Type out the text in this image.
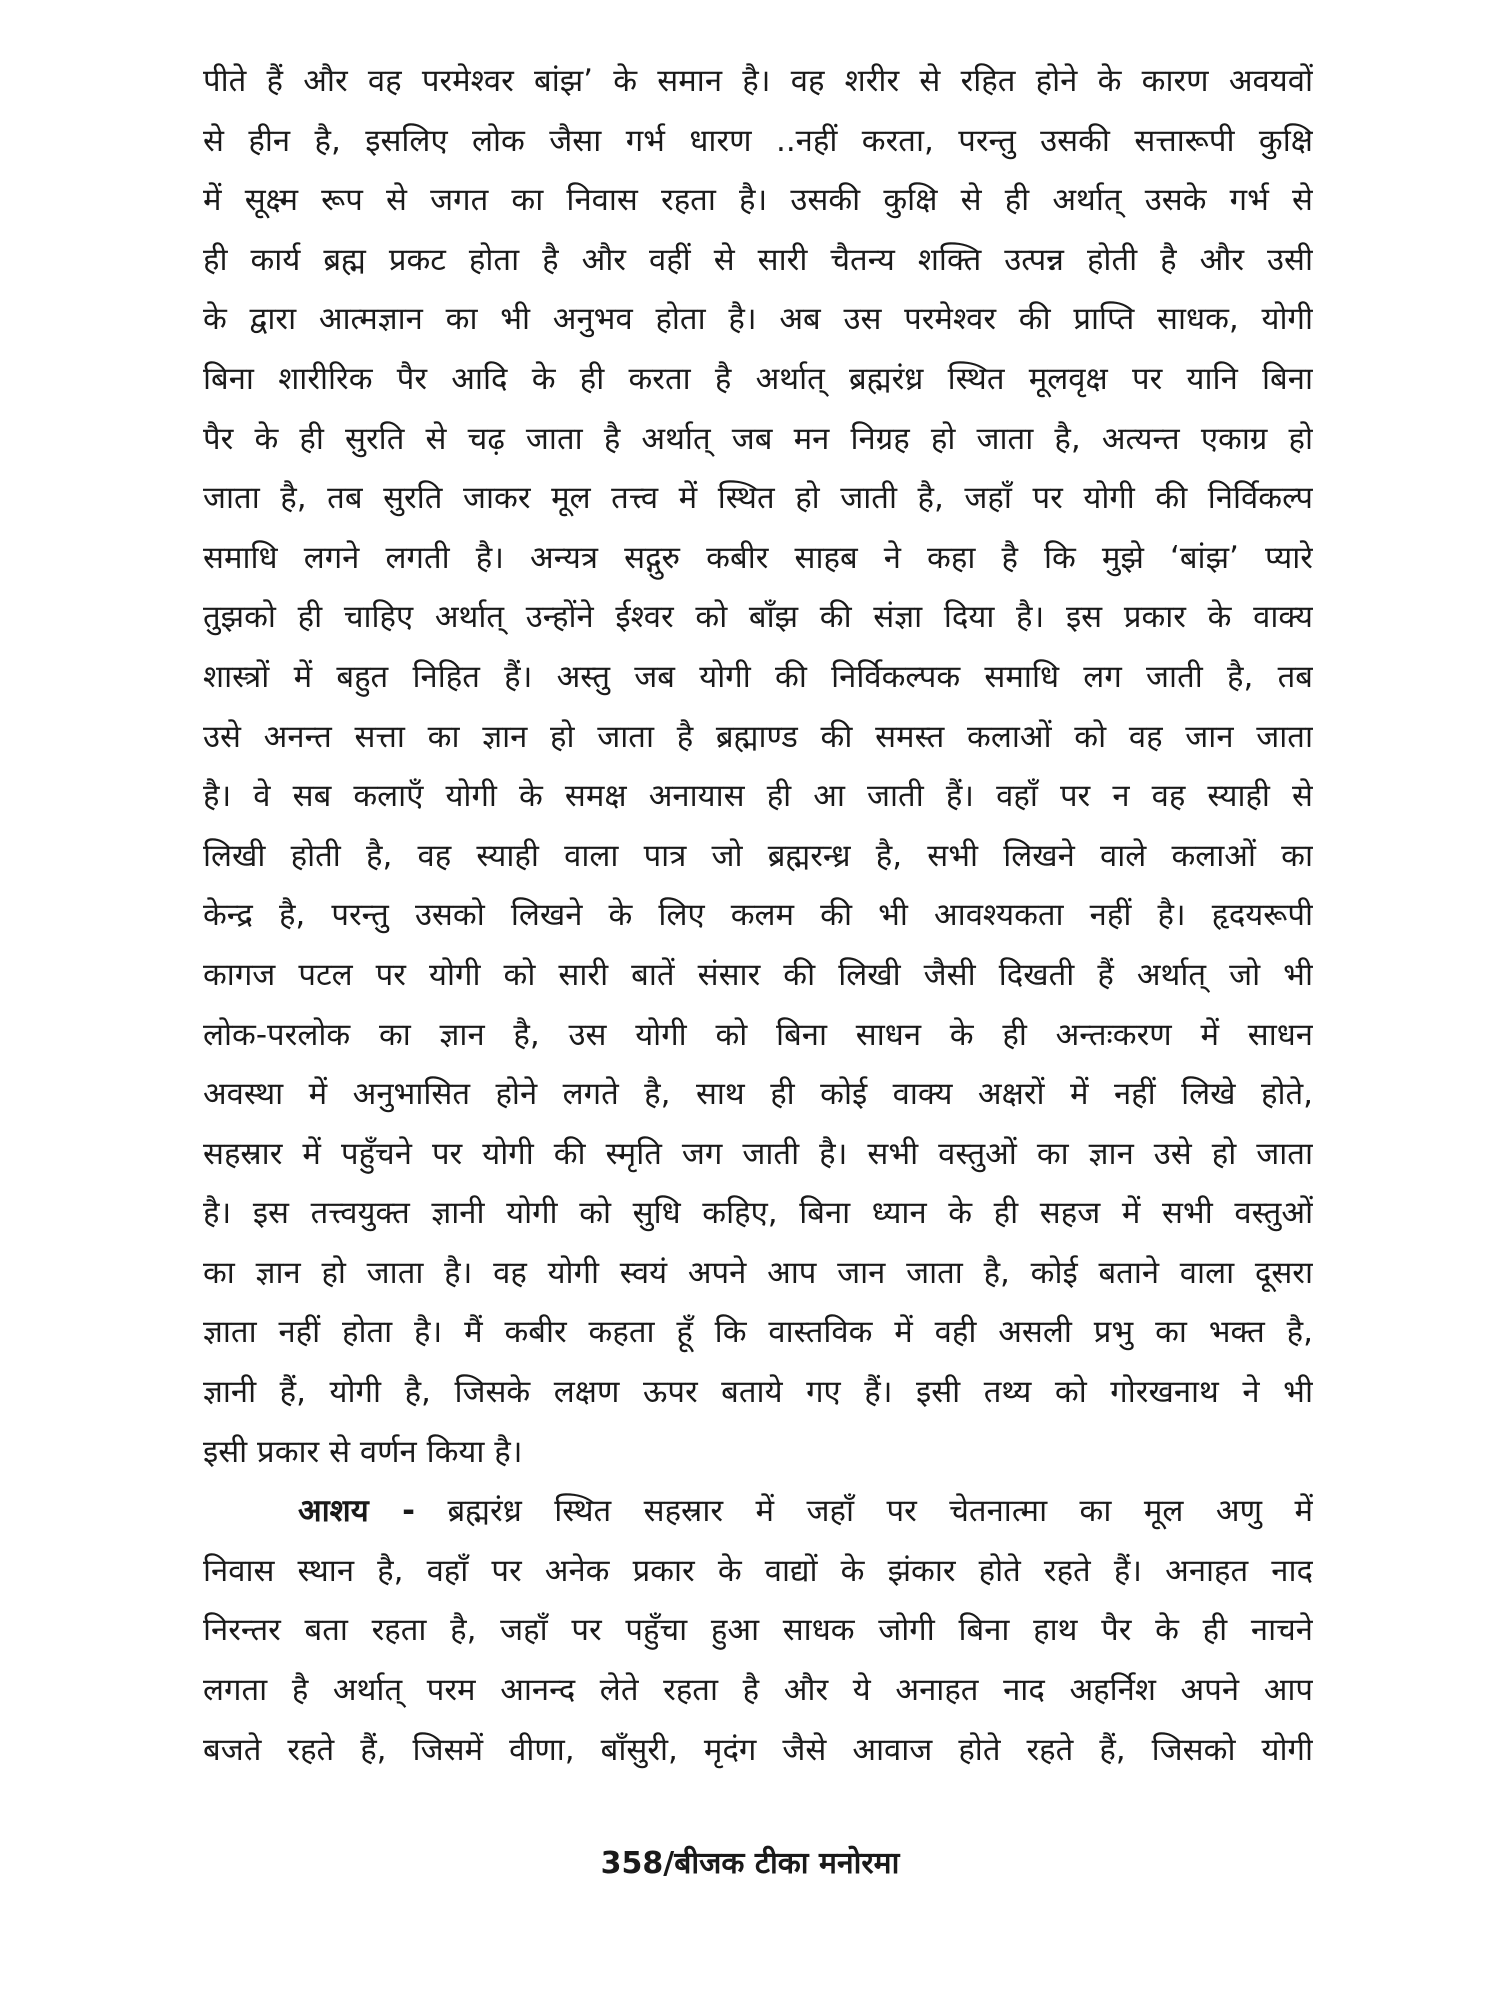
पीते हैं और वह परमेश्वर बांझ’ के समान है। वह शरीर से रहित होने के कारण अवयवों
से हीन है, इसलिए लोक जैसा गर्भ धारण ..नहीं करता, परन्तु उसकी सत्तारूपी कुक्षि
में सूक्ष्म रूप से जगत का निवास रहता है। उसकी कुक्षि से ही अर्थात् उसके गर्भ से
ही कार्य ब्रह्म प्रकट होता है और वहीं से सारी चैतन्य शक्ति उत्पन्न होती है और उसी
के द्वारा आत्मज्ञान का भी अनुभव होता है। अब उस परमेश्वर की प्राप्ति साधक, योगी
बिना शारीरिक पैर आदि के ही करता है अर्थात् ब्रह्मरंध्र स्थित मूलवृक्ष पर यानि बिना
पैर के ही सुरति से चढ़ जाता है अर्थात् जब मन निग्रह हो जाता है, अत्यन्त एकाग्र हो
जाता है, तब सुरति जाकर मूल तत्त्व में स्थित हो जाती है, जहाँ पर योगी की निर्विकल्प
समाधि लगने लगती है। अन्यत्र सद्गुरु कबीर साहब ने कहा है कि मुझे ‘बांझ’ प्यारे
तुझको ही चाहिए अर्थात् उन्होंने ईश्वर को बाँझ की संज्ञा दिया है। इस प्रकार के वाक्य
शास्त्रों में बहुत निहित हैं। अस्तु जब योगी की निर्विकल्पक समाधि लग जाती है, तब
उसे अनन्त सत्ता का ज्ञान हो जाता है ब्रह्माण्ड की समस्त कलाओं को वह जान जाता
है। वे सब कलाएँ योगी के समक्ष अनायास ही आ जाती हैं। वहाँ पर न वह स्याही से
लिखी होती है, वह स्याही वाला पात्र जो ब्रह्मरन्ध्र है, सभी लिखने वाले कलाओं का
केन्द्र है, परन्तु उसको लिखने के लिए कलम की भी आवश्यकता नहीं है। हृदयरूपी
कागज पटल पर योगी को सारी बातें संसार की लिखी जैसी दिखती हैं अर्थात् जो भी
लोक-परलोक का ज्ञान है, उस योगी को बिना साधन के ही अन्तःकरण में साधन
अवस्था में अनुभासित होने लगते है, साथ ही कोई वाक्य अक्षरों में नहीं लिखे होते,
सहस्रार में पहुँचने पर योगी की स्मृति जग जाती है। सभी वस्तुओं का ज्ञान उसे हो जाता
है। इस तत्त्वयुक्त ज्ञानी योगी को सुधि कहिए, बिना ध्यान के ही सहज में सभी वस्तुओं
का ज्ञान हो जाता है। वह योगी स्वयं अपने आप जान जाता है, कोई बताने वाला दूसरा
ज्ञाता नहीं होता है। मैं कबीर कहता हूँ कि वास्तविक में वही असली प्रभु का भक्त है,
ज्ञानी हैं, योगी है, जिसके लक्षण ऊपर बताये गए हैं। इसी तथ्य को गोरखनाथ ने भी
इसी प्रकार से वर्णन किया है।
आशय - ब्रह्मरंध्र स्थित सहस्रार में जहाँ पर चेतनात्मा का मूल अणु में
निवास स्थान है, वहाँ पर अनेक प्रकार के वाद्यों के झंकार होते रहते हैं। अनाहत नाद
निरन्तर बता रहता है, जहाँ पर पहुँचा हुआ साधक जोगी बिना हाथ पैर के ही नाचने
लगता है अर्थात् परम आनन्द लेते रहता है और ये अनाहत नाद अहर्निश अपने आप
बजते रहते हैं, जिसमें वीणा, बाँसुरी, मृदंग जैसे आवाज होते रहते हैं, जिसको योगी
358/बीजक टीका मनोरमा
